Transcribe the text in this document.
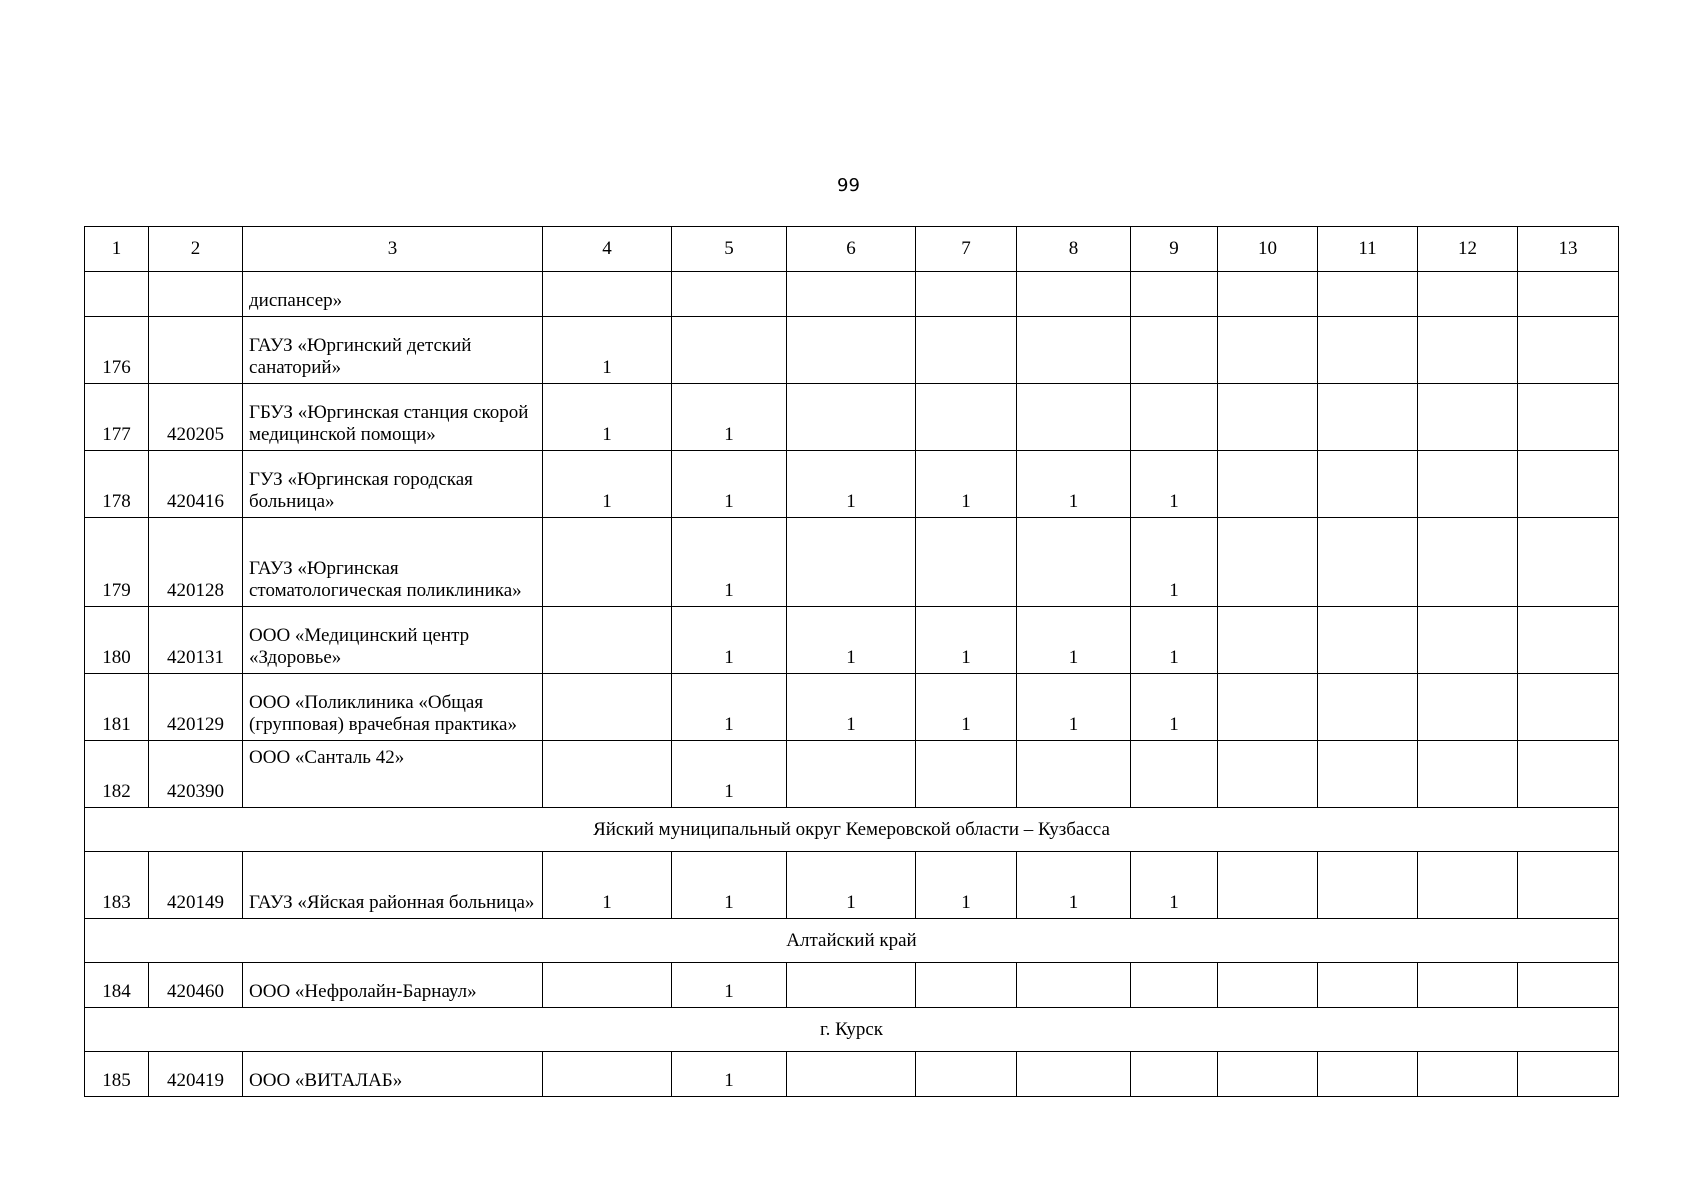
99
1	2	3	4	5	6	7	8	9	10	11	12	13
		диспансер»										
176		ГАУЗ «Юргинский детский санаторий»	1									
177	420205	ГБУЗ «Юргинская станция скорой медицинской помощи»	1	1								
178	420416	ГУЗ «Юргинская городская больница»	1	1	1	1	1	1				
179	420128	ГАУЗ «Юргинская стоматологическая поликлиника»		1				1				
180	420131	ООО «Медицинский центр «Здоровье»		1	1	1	1	1				
181	420129	ООО «Поликлиника «Общая (групповая) врачебная практика»		1	1	1	1	1				
182	420390	ООО «Санталь 42»		1								
Яйский муниципальный округ Кемеровской области – Кузбасса												
183	420149	ГАУЗ «Яйская районная больница»	1	1	1	1	1	1				
Алтайский край												
184	420460	ООО «Нефролайн-Барнаул»		1								
г. Курск												
185	420419	ООО «ВИТАЛАБ»		1								
